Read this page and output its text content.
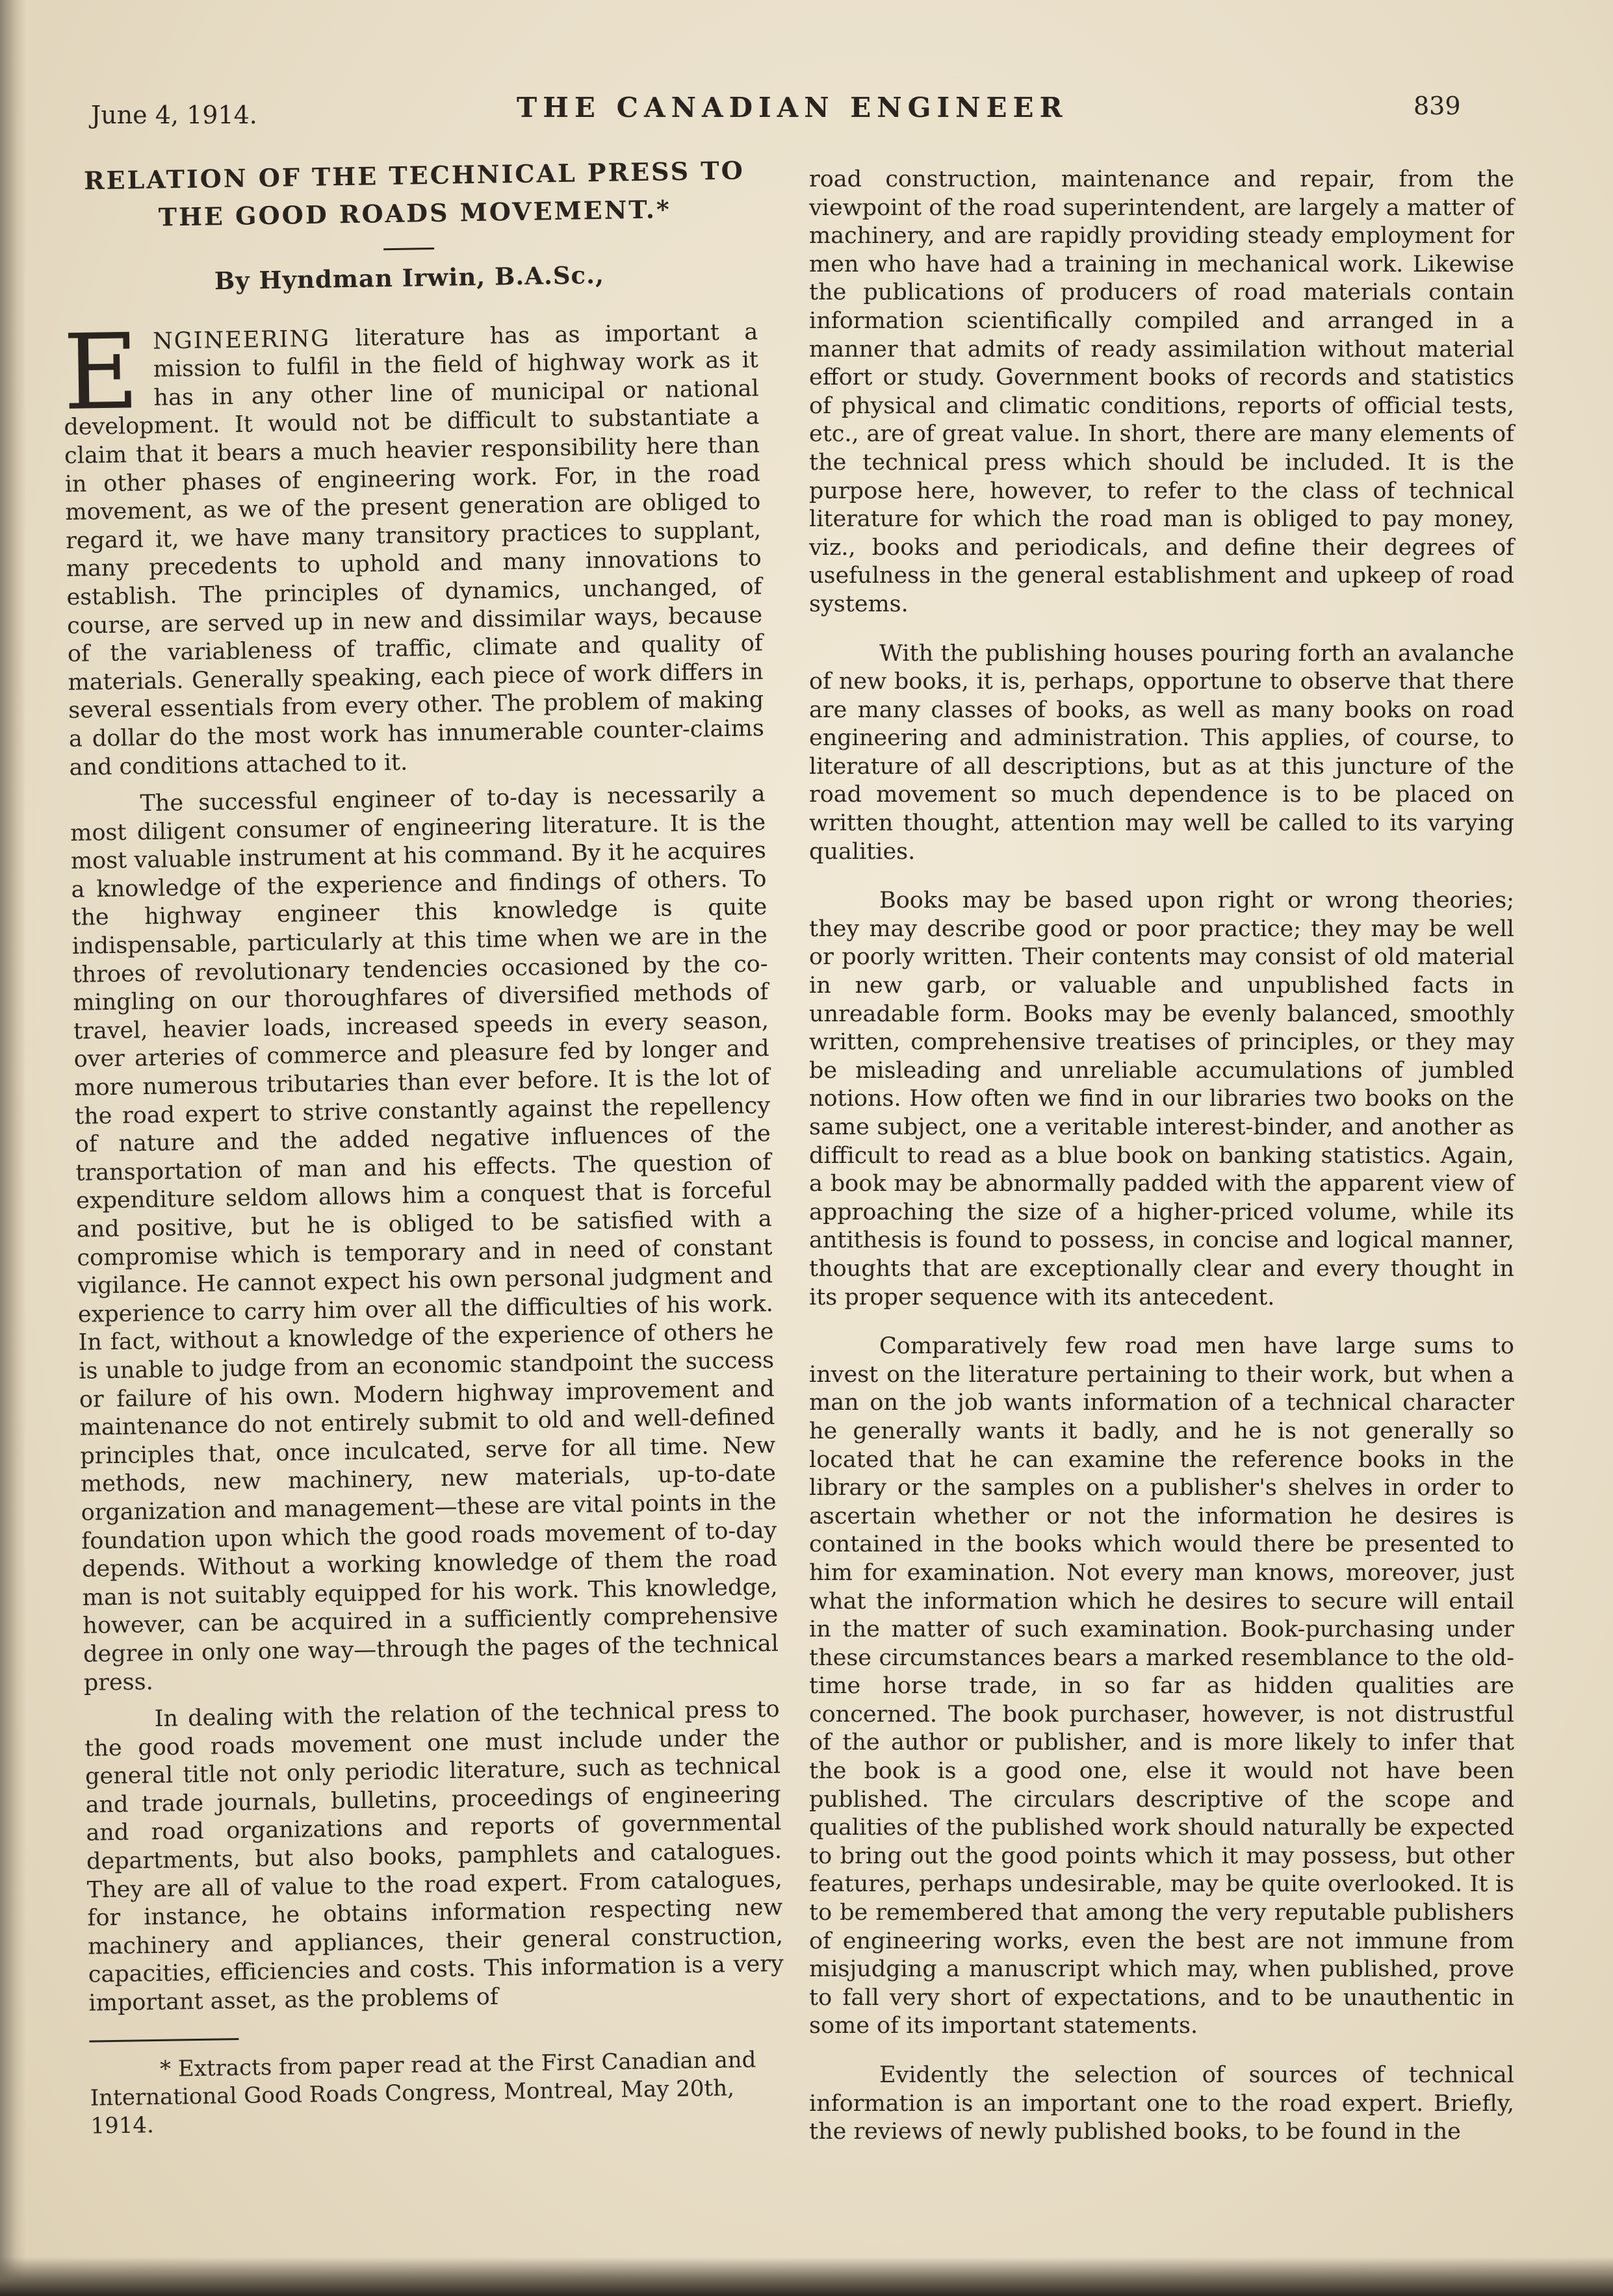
June 4, 1914.	THE CANADIAN ENGINEER	839
RELATION OF THE TECHNICAL PRESS TO
THE GOOD ROADS MOVEMENT.*
By Hyndman Irwin, B.A.Sc.,

ENGINEERING literature has as important a mission to fulfil in the field of highway work as it has in any other line of municipal or national development. It would not be difficult to substantiate a claim that it bears a much heavier responsibility here than in other phases of engineering work. For, in the road movement, as we of the present generation are obliged to regard it, we have many transitory practices to supplant, many precedents to uphold and many innovations to establish. The principles of dynamics, unchanged, of course, are served up in new and dissimilar ways, because of the variableness of traffic, climate and quality of materials. Generally speaking, each piece of work differs in several essentials from every other. The problem of making a dollar do the most work has innumerable counter-claims and conditions attached to it.

The successful engineer of to-day is necessarily a most diligent consumer of engineering literature. It is the most valuable instrument at his command. By it he acquires a knowledge of the experience and findings of others. To the highway engineer this knowledge is quite indispensable, particularly at this time when we are in the throes of revolutionary tendencies occasioned by the co-mingling on our thoroughfares of diversified methods of travel, heavier loads, increased speeds in every season, over arteries of commerce and pleasure fed by longer and more numerous tributaries than ever before. It is the lot of the road expert to strive constantly against the repellency of nature and the added negative influences of the transportation of man and his effects. The question of expenditure seldom allows him a conquest that is forceful and positive, but he is obliged to be satisfied with a compromise which is temporary and in need of constant vigilance. He cannot expect his own personal judgment and experience to carry him over all the difficulties of his work. In fact, without a knowledge of the experience of others he is unable to judge from an economic standpoint the success or failure of his own. Modern highway improvement and maintenance do not entirely submit to old and well-defined principles that, once inculcated, serve for all time. New methods, new machinery, new materials, up-to-date organization and management—these are vital points in the foundation upon which the good roads movement of to-day depends. Without a working knowledge of them the road man is not suitably equipped for his work. This knowledge, however, can be acquired in a sufficiently comprehensive degree in only one way—through the pages of the technical press.

In dealing with the relation of the technical press to the good roads movement one must include under the general title not only periodic literature, such as technical and trade journals, bulletins, proceedings of engineering and road organizations and reports of governmental departments, but also books, pamphlets and catalogues. They are all of value to the road expert. From catalogues, for instance, he obtains information respecting new machinery and appliances, their general construction, capacities, efficiencies and costs. This information is a very important asset, as the problems of

* Extracts from paper read at the First Canadian and International Good Roads Congress, Montreal, May 20th, 1914.

road construction, maintenance and repair, from the viewpoint of the road superintendent, are largely a matter of machinery, and are rapidly providing steady employment for men who have had a training in mechanical work. Likewise the publications of producers of road materials contain information scientifically compiled and arranged in a manner that admits of ready assimilation without material effort or study. Government books of records and statistics of physical and climatic conditions, reports of official tests, etc., are of great value. In short, there are many elements of the technical press which should be included. It is the purpose here, however, to refer to the class of technical literature for which the road man is obliged to pay money, viz., books and periodicals, and define their degrees of usefulness in the general establishment and upkeep of road systems.

With the publishing houses pouring forth an avalanche of new books, it is, perhaps, opportune to observe that there are many classes of books, as well as many books on road engineering and administration. This applies, of course, to literature of all descriptions, but as at this juncture of the road movement so much dependence is to be placed on written thought, attention may well be called to its varying qualities.

Books may be based upon right or wrong theories; they may describe good or poor practice; they may be well or poorly written. Their contents may consist of old material in new garb, or valuable and unpublished facts in unreadable form. Books may be evenly balanced, smoothly written, comprehensive treatises of principles, or they may be misleading and unreliable accumulations of jumbled notions. How often we find in our libraries two books on the same subject, one a veritable interest-binder, and another as difficult to read as a blue book on banking statistics. Again, a book may be abnormally padded with the apparent view of approaching the size of a higher-priced volume, while its antithesis is found to possess, in concise and logical manner, thoughts that are exceptionally clear and every thought in its proper sequence with its antecedent.

Comparatively few road men have large sums to invest on the literature pertaining to their work, but when a man on the job wants information of a technical character he generally wants it badly, and he is not generally so located that he can examine the reference books in the library or the samples on a publisher's shelves in order to ascertain whether or not the information he desires is contained in the books which would there be presented to him for examination. Not every man knows, moreover, just what the information which he desires to secure will entail in the matter of such examination. Book-purchasing under these circumstances bears a marked resemblance to the old-time horse trade, in so far as hidden qualities are concerned. The book purchaser, however, is not distrustful of the author or publisher, and is more likely to infer that the book is a good one, else it would not have been published. The circulars descriptive of the scope and qualities of the published work should naturally be expected to bring out the good points which it may possess, but other features, perhaps undesirable, may be quite overlooked. It is to be remembered that among the very reputable publishers of engineering works, even the best are not immune from misjudging a manuscript which may, when published, prove to fall very short of expectations, and to be unauthentic in some of its important statements.

Evidently the selection of sources of technical information is an important one to the road expert. Briefly, the reviews of newly published books, to be found in the
